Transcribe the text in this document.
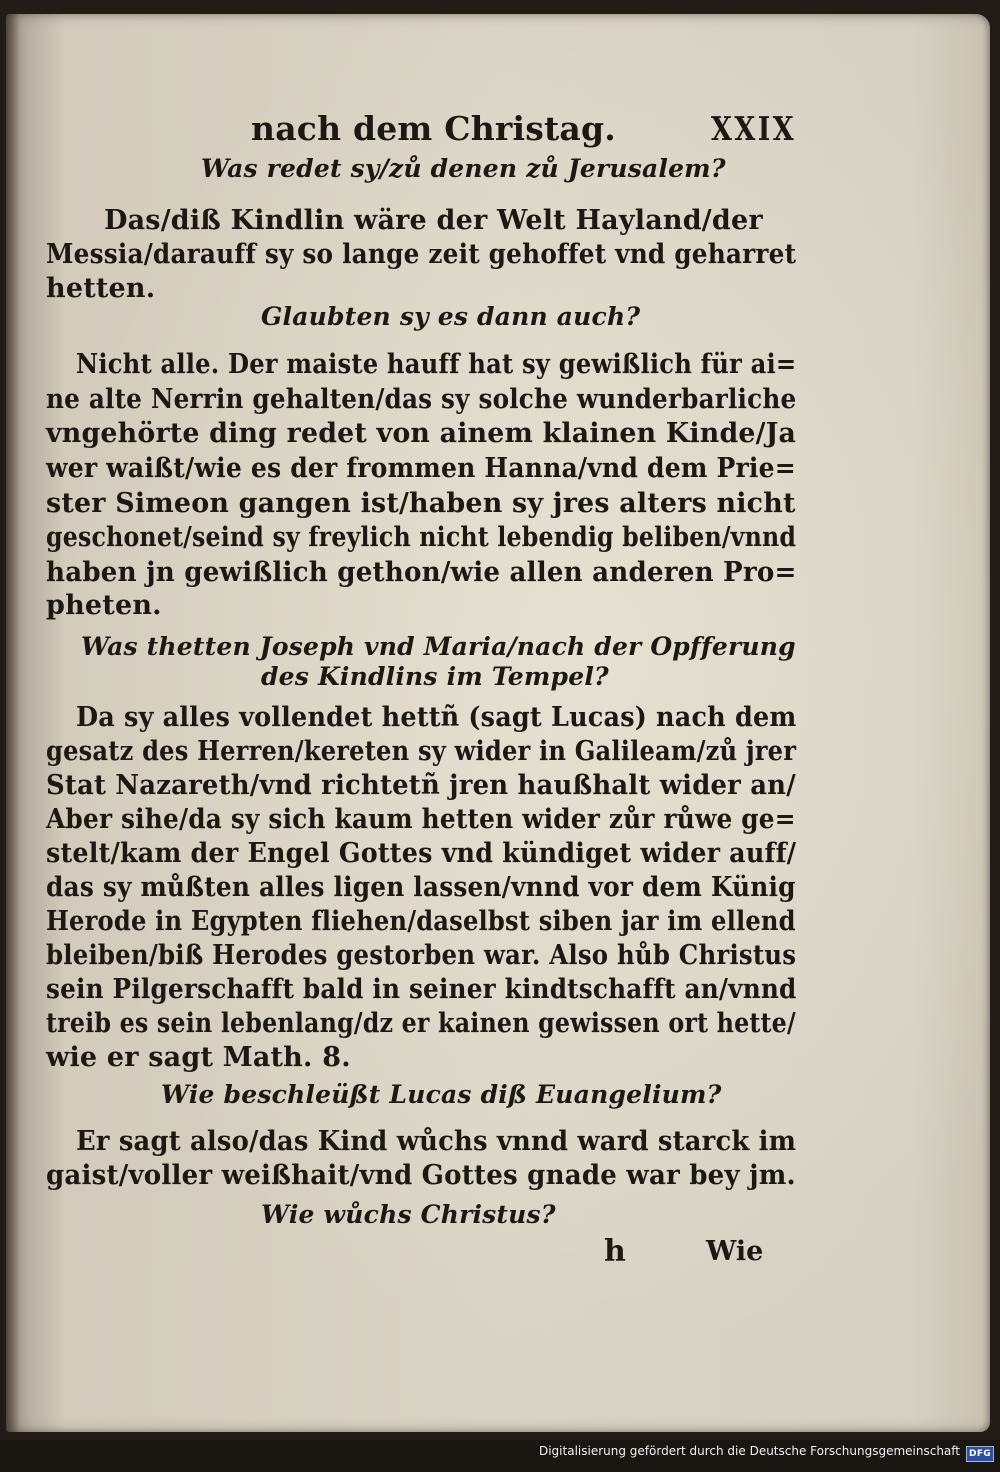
nach dem Christag.	XXIX
Was redet sy/zů denen zů Jerusalem?
Das/diß Kindlin wäre der Welt Hayland/der
Messia/darauff sy so lange zeit gehoffet vnd geharret
hetten.
Glaubten sy es dann auch?
Nicht alle. Der maiste hauff hat sy gewißlich für ai=
ne alte Nerrin gehalten/das sy solche wunderbarliche
vngehörte ding redet von ainem klainen Kinde/Ja
wer waißt/wie es der frommen Hanna/vnd dem Prie=
ster Simeon gangen ist/haben sy jres alters nicht
geschonet/seind sy freylich nicht lebendig beliben/vnnd
haben jn gewißlich gethon/wie allen anderen Pro=
pheten.
Was thetten Joseph vnd Maria/nach der Opfferung
des Kindlins im Tempel?
Da sy alles vollendet hettñ (sagt Lucas) nach dem
gesatz des Herren/kereten sy wider in Galileam/zů jrer
Stat Nazareth/vnd richtetñ jren haußhalt wider an/
Aber sihe/da sy sich kaum hetten wider zůr růwe ge=
stelt/kam der Engel Gottes vnd kündiget wider auff/
das sy můßten alles ligen lassen/vnnd vor dem Künig
Herode in Egypten fliehen/daselbst siben jar im ellend
bleiben/biß Herodes gestorben war. Also hůb Christus
sein Pilgerschafft bald in seiner kindtschafft an/vnnd
treib es sein lebenlang/dz er kainen gewissen ort hette/
wie er sagt Math. 8.
Wie beschleüßt Lucas diß Euangelium?
Er sagt also/das Kind wůchs vnnd ward starck im
gaist/voller weißhait/vnd Gottes gnade war bey jm.
Wie wůchs Christus?
h	Wie
Digitalisierung gefördert durch die Deutsche Forschungsgemeinschaft	DFG
